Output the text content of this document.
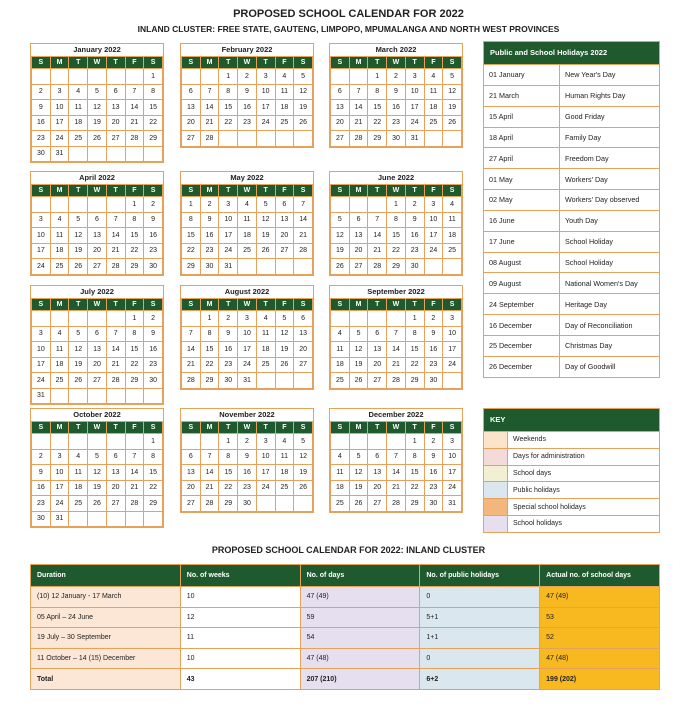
PROPOSED SCHOOL CALENDAR FOR 2022
INLAND CLUSTER: FREE STATE, GAUTENG, LIMPOPO, MPUMALANGA AND NORTH WEST PROVINCES
January 2022
S	M	T	W	T	F	S
						1
2	3	4	5	6	7	8
9	10	11	12	13	14	15
16	17	18	19	20	21	22
23	24	25	26	27	28	29
30	31					
February 2022
S	M	T	W	T	F	S
		1	2	3	4	5
6	7	8	9	10	11	12
13	14	15	16	17	18	19
20	21	22	23	24	25	26
27	28					
March 2022
S	M	T	W	T	F	S
		1	2	3	4	5
6	7	8	9	10	11	12
13	14	15	16	17	18	19
20	21	22	23	24	25	26
27	28	29	30	31		
April 2022
S	M	T	W	T	F	S
					1	2
3	4	5	6	7	8	9
10	11	12	13	14	15	16
17	18	19	20	21	22	23
24	25	26	27	28	29	30
May 2022
S	M	T	W	T	F	S
1	2	3	4	5	6	7
8	9	10	11	12	13	14
15	16	17	18	19	20	21
22	23	24	25	26	27	28
29	30	31				
June 2022
S	M	T	W	T	F	S
			1	2	3	4
5	6	7	8	9	10	11
12	13	14	15	16	17	18
19	20	21	22	23	24	25
26	27	28	29	30		
July 2022
S	M	T	W	T	F	S
					1	2
3	4	5	6	7	8	9
10	11	12	13	14	15	16
17	18	19	20	21	22	23
24	25	26	27	28	29	30
31						
August 2022
S	M	T	W	T	F	S
	1	2	3	4	5	6
7	8	9	10	11	12	13
14	15	16	17	18	19	20
21	22	23	24	25	26	27
28	29	30	31			
September 2022
S	M	T	W	T	F	S
				1	2	3
4	5	6	7	8	9	10
11	12	13	14	15	16	17
18	19	20	21	22	23	24
25	26	27	28	29	30	
October 2022
S	M	T	W	T	F	S
						1
2	3	4	5	6	7	8
9	10	11	12	13	14	15
16	17	18	19	20	21	22
23	24	25	26	27	28	29
30	31					
November 2022
S	M	T	W	T	F	S
		1	2	3	4	5
6	7	8	9	10	11	12
13	14	15	16	17	18	19
20	21	22	23	24	25	26
27	28	29	30			
December 2022
S	M	T	W	T	F	S
				1	2	3
4	5	6	7	8	9	10
11	12	13	14	15	16	17
18	19	20	21	22	23	24
25	26	27	28	29	30	31
Public and School Holidays 2022
01 January	New Year's Day
21 March	Human Rights Day
15 April	Good Friday
18 April	Family Day
27 April	Freedom Day
01 May	Workers' Day
02 May	Workers' Day observed
16 June	Youth Day
17 June	School Holiday
08 August	School Holiday
09 August	National Women's Day
24 September	Heritage Day
16 December	Day of Reconciliation
25 December	Christmas Day
26 December	Day of Goodwill
KEY
Weekends
Days for administration
School days
Public holidays
Special school holidays
School holidays
PROPOSED SCHOOL CALENDAR FOR 2022: INLAND CLUSTER
Duration	No. of weeks	No. of days	No. of public holidays	Actual no. of school days
(10) 12 January - 17 March	10	47 (49)	0	47 (49)
05 April – 24 June	12	59	5+1	53
19 July – 30 September	11	54	1+1	52
11 October – 14 (15) December	10	47 (48)	0	47 (48)
Total	43	207 (210)	6+2	199 (202)
